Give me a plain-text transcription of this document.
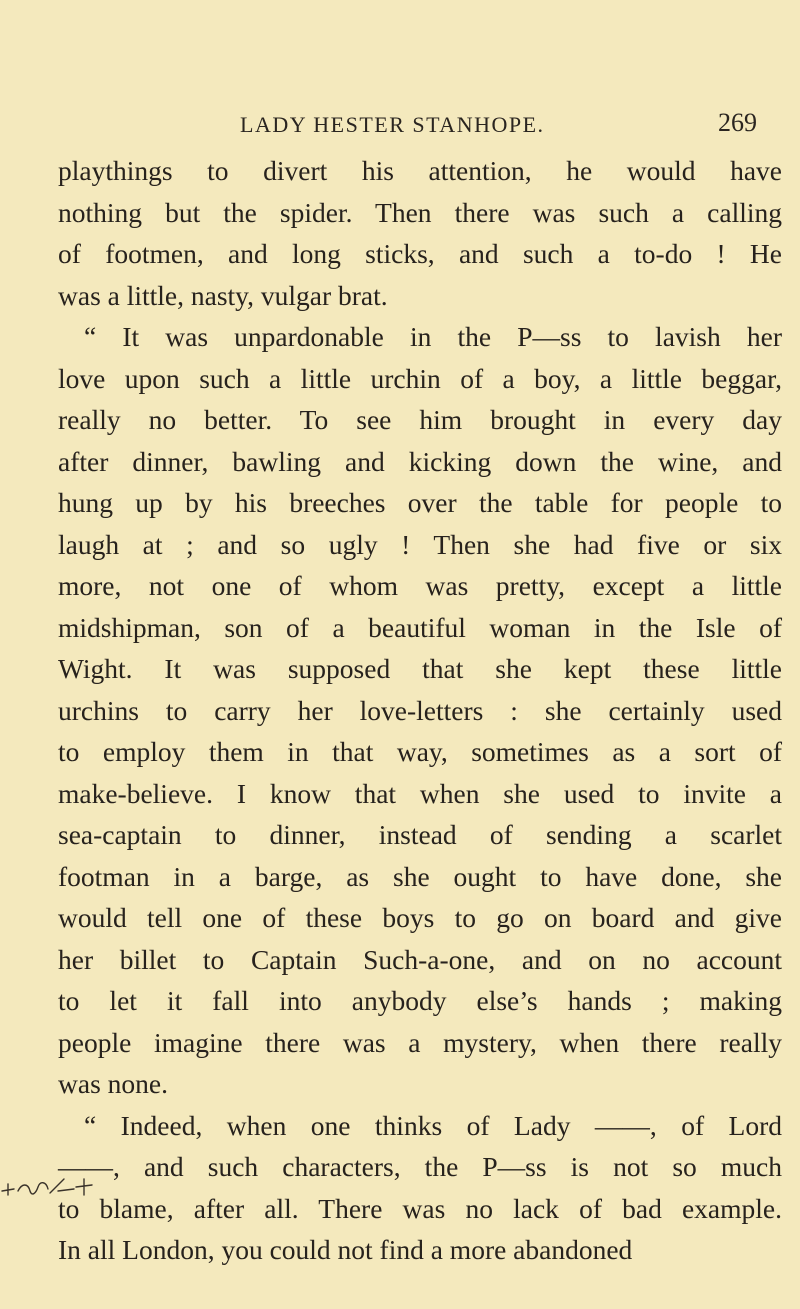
LADY HESTER STANHOPE.	269
playthings to divert his attention, he would have
nothing but the spider. Then there was such a calling
of footmen, and long sticks, and such a to-do ! He
was a little, nasty, vulgar brat.
“ It was unpardonable in the P—ss to lavish her
love upon such a little urchin of a boy, a little beggar,
really no better. To see him brought in every day
after dinner, bawling and kicking down the wine, and
hung up by his breeches over the table for people to
laugh at ; and so ugly ! Then she had five or six
more, not one of whom was pretty, except a little
midshipman, son of a beautiful woman in the Isle of
Wight. It was supposed that she kept these little
urchins to carry her love-letters : she certainly used
to employ them in that way, sometimes as a sort of
make-believe. I know that when she used to invite a
sea-captain to dinner, instead of sending a scarlet
footman in a barge, as she ought to have done, she
would tell one of these boys to go on board and give
her billet to Captain Such-a-one, and on no account
to let it fall into anybody else’s hands ; making
people imagine there was a mystery, when there really
was none.
“ Indeed, when one thinks of Lady ——, of Lord
——, and such characters, the P—ss is not so much
to blame, after all. There was no lack of bad example.
In all London, you could not find a more abandoned
